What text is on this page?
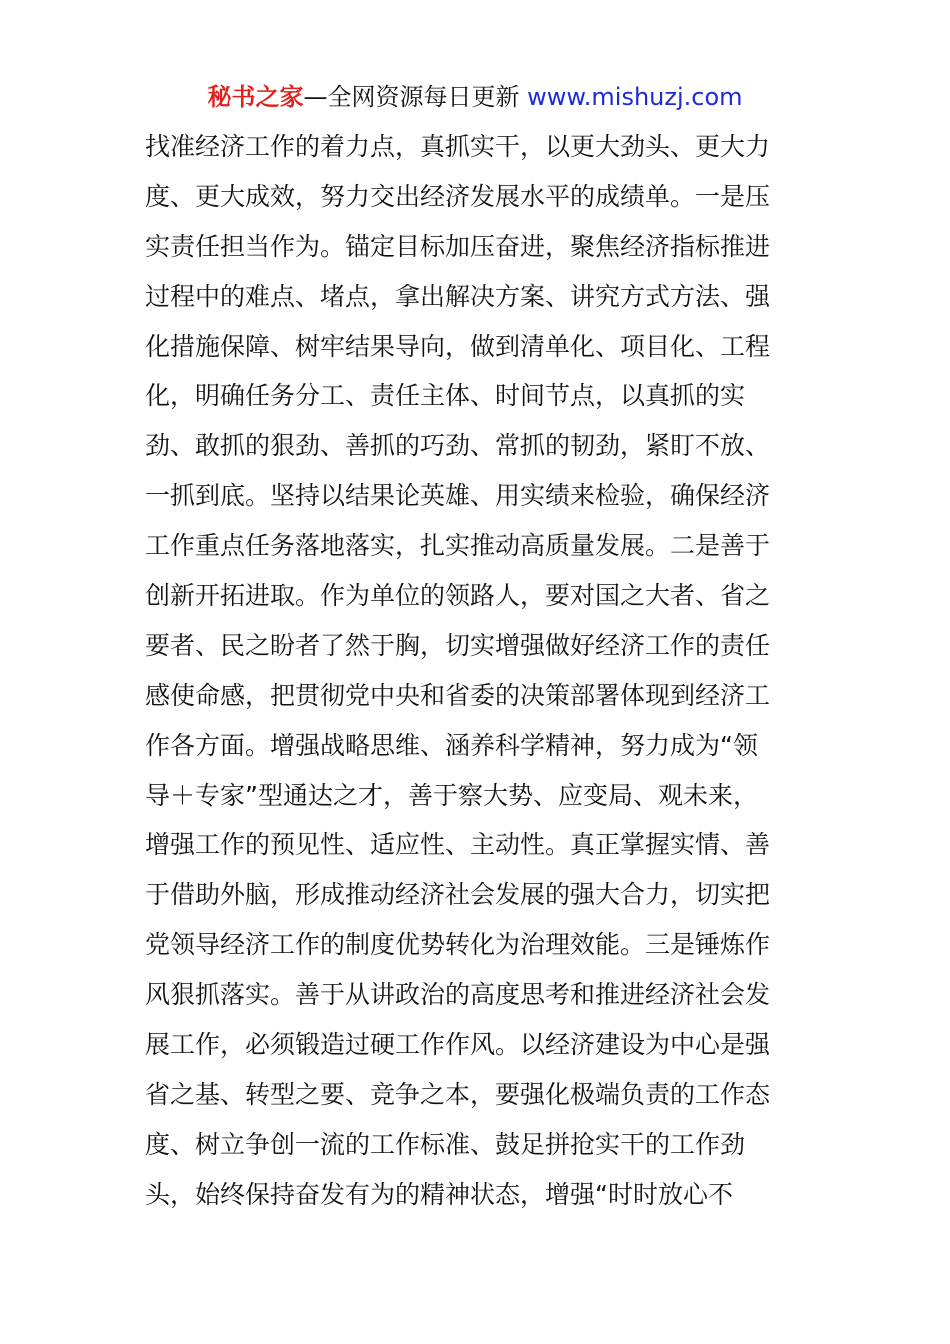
秘书之家—全网资源每日更新 www.mishuzj.com
找准经济工作的着力点，真抓实干，以更大劲头、更大力
度、更大成效，努力交出经济发展水平的成绩单。一是压
实责任担当作为。锚定目标加压奋进，聚焦经济指标推进
过程中的难点、堵点，拿出解决方案、讲究方式方法、强
化措施保障、树牢结果导向，做到清单化、项目化、工程
化，明确任务分工、责任主体、时间节点，以真抓的实
劲、敢抓的狠劲、善抓的巧劲、常抓的韧劲，紧盯不放、
一抓到底。坚持以结果论英雄、用实绩来检验，确保经济
工作重点任务落地落实，扎实推动高质量发展。二是善于
创新开拓进取。作为单位的领路人，要对国之大者、省之
要者、民之盼者了然于胸，切实增强做好经济工作的责任
感使命感，把贯彻党中央和省委的决策部署体现到经济工
作各方面。增强战略思维、涵养科学精神，努力成为“领
导＋专家”型通达之才，善于察大势、应变局、观未来，
增强工作的预见性、适应性、主动性。真正掌握实情、善
于借助外脑，形成推动经济社会发展的强大合力，切实把
党领导经济工作的制度优势转化为治理效能。三是锤炼作
风狠抓落实。善于从讲政治的高度思考和推进经济社会发
展工作，必须锻造过硬工作作风。以经济建设为中心是强
省之基、转型之要、竞争之本，要强化极端负责的工作态
度、树立争创一流的工作标准、鼓足拼抢实干的工作劲
头，始终保持奋发有为的精神状态，增强“时时放心不
